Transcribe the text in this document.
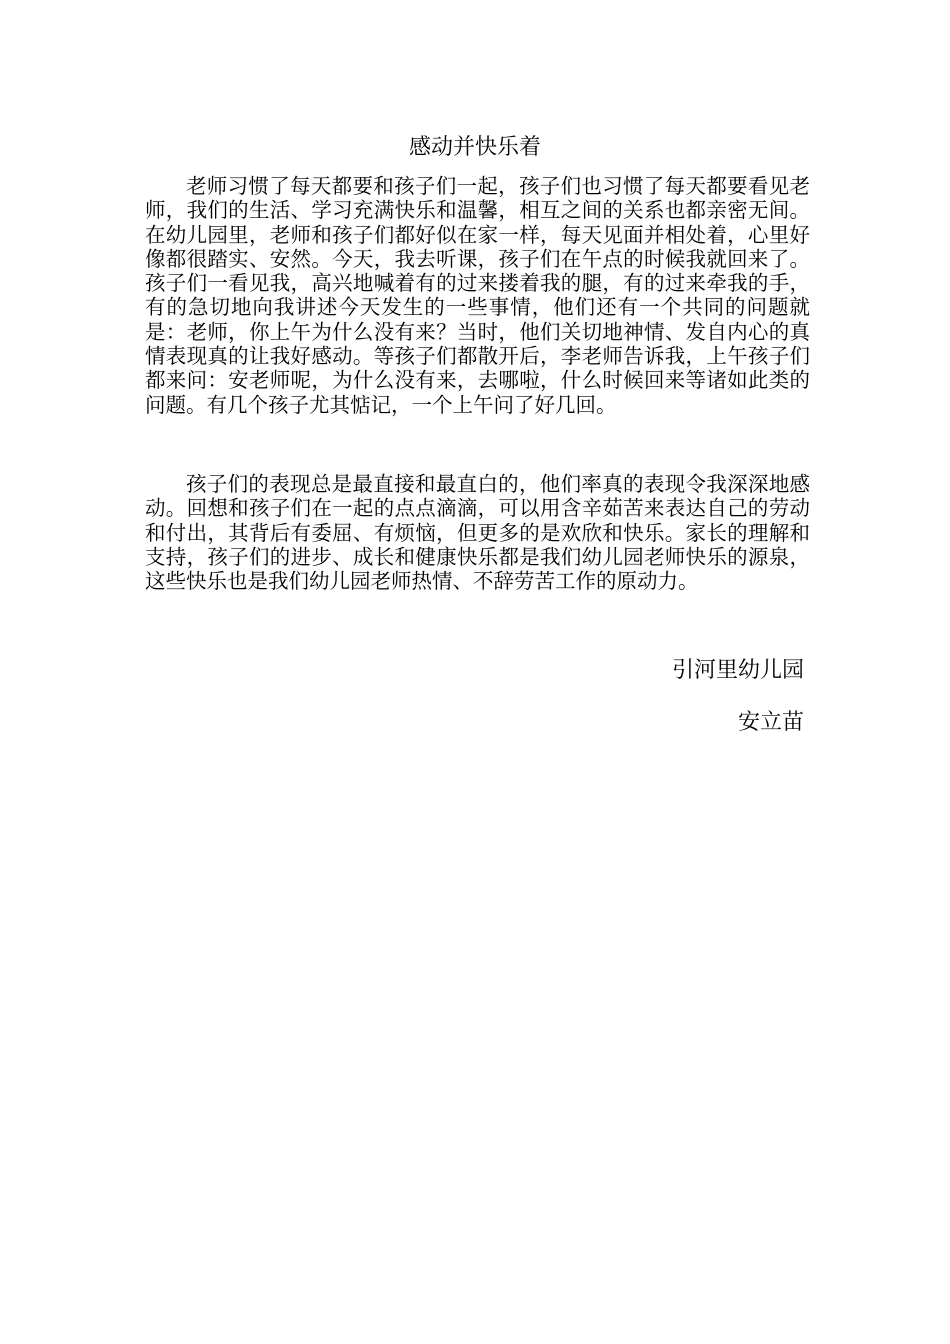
感动并快乐着

老师习惯了每天都要和孩子们一起，孩子们也习惯了每天都要看见老师，我们的生活、学习充满快乐和温馨，相互之间的关系也都亲密无间。在幼儿园里，老师和孩子们都好似在家一样，每天见面并相处着，心里好像都很踏实、安然。今天，我去听课，孩子们在午点的时候我就回来了。孩子们一看见我，高兴地喊着有的过来搂着我的腿，有的过来牵我的手，有的急切地向我讲述今天发生的一些事情，他们还有一个共同的问题就是：老师，你上午为什么没有来？当时，他们关切地神情、发自内心的真情表现真的让我好感动。等孩子们都散开后，李老师告诉我，上午孩子们都来问：安老师呢，为什么没有来，去哪啦，什么时候回来等诸如此类的问题。有几个孩子尤其惦记，一个上午问了好几回。

孩子们的表现总是最直接和最直白的，他们率真的表现令我深深地感动。回想和孩子们在一起的点点滴滴，可以用含辛茹苦来表达自己的劳动和付出，其背后有委屈、有烦恼，但更多的是欢欣和快乐。家长的理解和支持，孩子们的进步、成长和健康快乐都是我们幼儿园老师快乐的源泉，这些快乐也是我们幼儿园老师热情、不辞劳苦工作的原动力。

引河里幼儿园
安立苗
